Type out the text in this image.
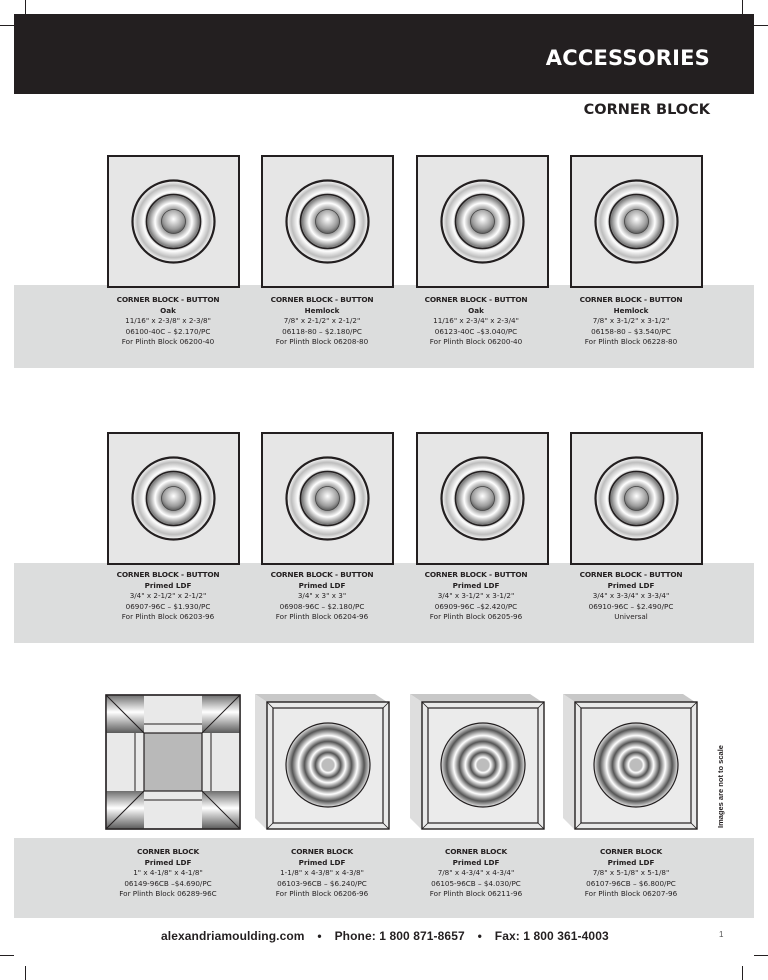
ACCESSORIES
CORNER BLOCK
CORNER BLOCK - BUTTON
Oak
11/16" x 2-3/8" x 2-3/8"
06100-40C – $2.170/PC
For Plinth Block 06200-40
CORNER BLOCK - BUTTON
Hemlock
7/8" x 2-1/2" x 2-1/2"
06118-80 – $2.180/PC
For Plinth Block 06208-80
CORNER BLOCK - BUTTON
Oak
11/16" x 2-3/4" x 2-3/4"
06123-40C –$3.040/PC
For Plinth Block 06200-40
CORNER BLOCK - BUTTON
Hemlock
7/8" x 3-1/2" x 3-1/2"
06158-80 – $3.540/PC
For Plinth Block 06228-80
CORNER BLOCK - BUTTON
Primed LDF
3/4" x 2-1/2" x 2-1/2"
06907-96C – $1.930/PC
For Plinth Block 06203-96
CORNER BLOCK - BUTTON
Primed LDF
3/4" x 3" x 3"
06908-96C – $2.180/PC
For Plinth Block 06204-96
CORNER BLOCK - BUTTON
Primed LDF
3/4" x 3-1/2" x 3-1/2"
06909-96C –$2.420/PC
For Plinth Block 06205-96
CORNER BLOCK - BUTTON
Primed LDF
3/4" x 3-3/4" x 3-3/4"
06910-96C – $2.490/PC
Universal
CORNER BLOCK
Primed LDF
1" x 4-1/8" x 4-1/8"
06149-96CB –$4.690/PC
For Plinth Block 06289-96C
CORNER BLOCK
Primed LDF
1-1/8" x 4-3/8" x 4-3/8"
06103-96CB – $6.240/PC
For Plinth Block 06206-96
CORNER BLOCK
Primed LDF
7/8" x 4-3/4" x 4-3/4"
06105-96CB – $4.030/PC
For Plinth Block 06211-96
CORNER BLOCK
Primed LDF
7/8" x 5-1/8" x 5-1/8"
06107-96CB – $6.800/PC
For Plinth Block 06207-96
Images are not to scale
alexandriamoulding.com • Phone: 1 800 871-8657 • Fax: 1 800 361-4003	1
